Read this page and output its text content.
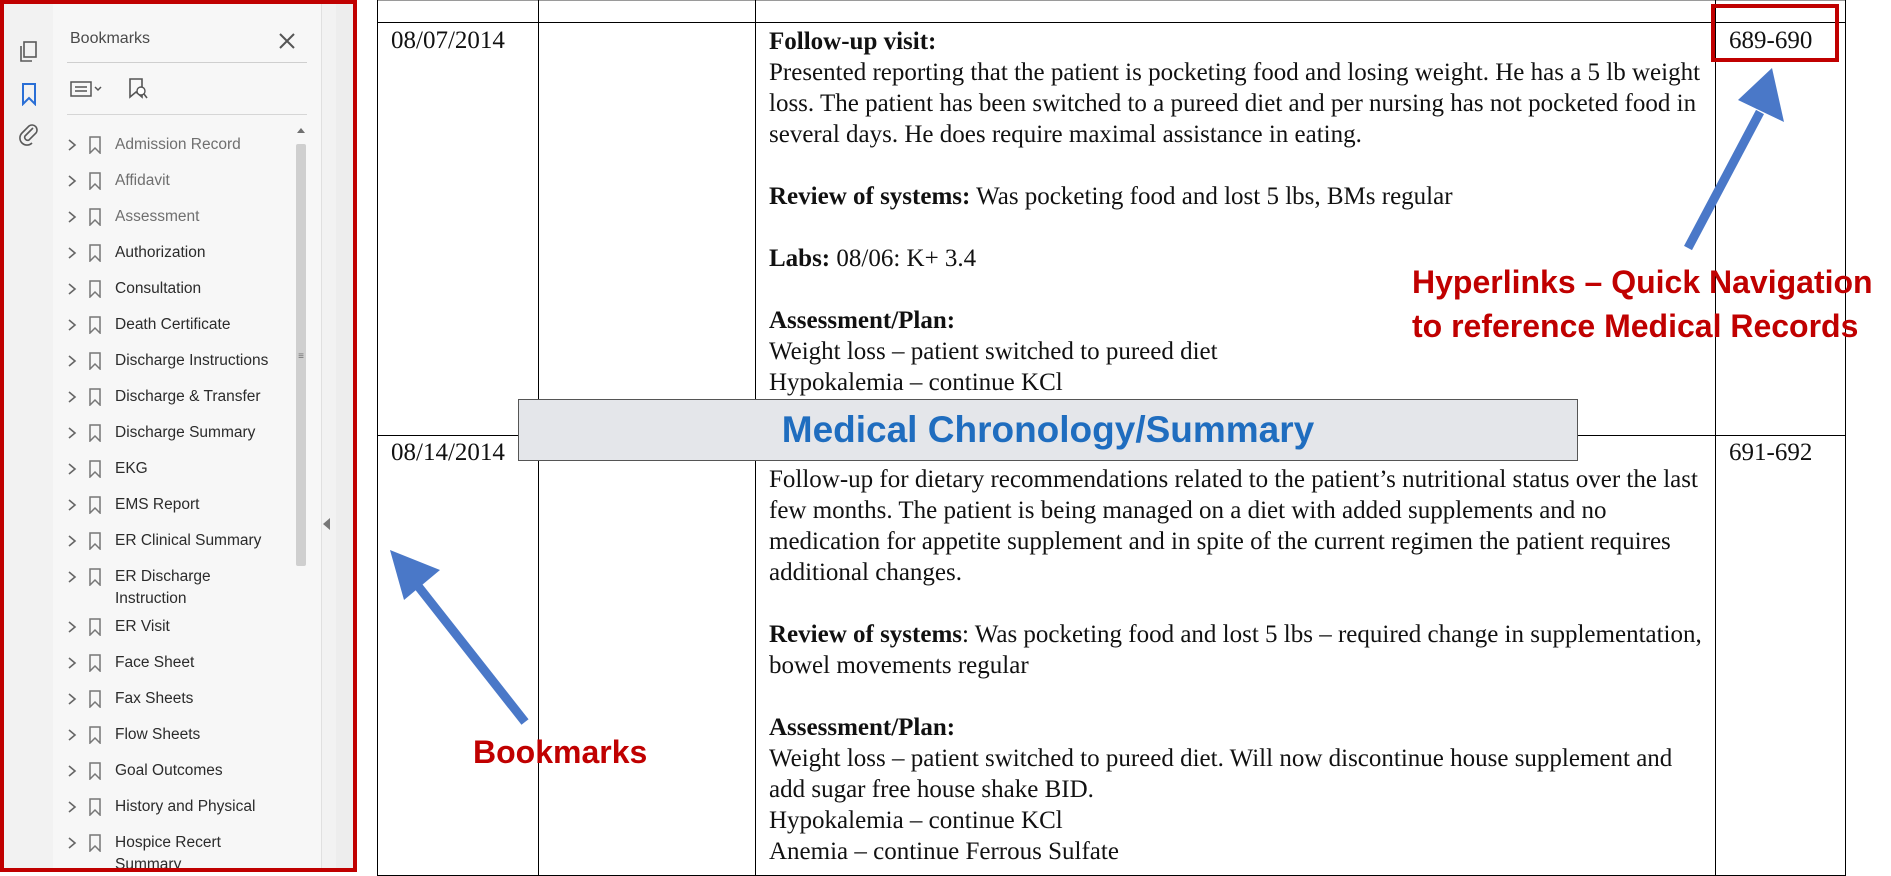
Bookmarks
Admission Record
Affidavit
Assessment
Authorization
Consultation
Death Certificate
Discharge Instructions
Discharge & Transfer
Discharge Summary
EKG
EMS Report
ER Clinical Summary
ER Discharge Instruction
ER Visit
Face Sheet
Fax Sheets
Flow Sheets
Goal Outcomes
History and Physical
Hospice Recert Summary
≡
08/07/2014	689-690
Follow-up visit:
Presented reporting that the patient is pocketing food and losing weight. He has a 5 lb weight loss. The patient has been switched to a pureed diet and per nursing has not pocketed food in several days. He does require maximal assistance in eating.
Review of systems: Was pocketing food and lost 5 lbs, BMs regular
Labs: 08/06: K+ 3.4
Assessment/Plan:
Weight loss – patient switched to pureed diet
Hypokalemia – continue KCl
08/14/2014	691-692
Follow-up for dietary recommendations related to the patient’s nutritional status over the last few months. The patient is being managed on a diet with added supplements and no medication for appetite supplement and in spite of the current regimen the patient requires additional changes.
Review of systems: Was pocketing food and lost 5 lbs – required change in supplementation, bowel movements regular
Assessment/Plan:
Weight loss – patient switched to pureed diet. Will now discontinue house supplement and add sugar free house shake BID.
Hypokalemia – continue KCl
Anemia – continue Ferrous Sulfate
Medical Chronology/Summary
Hyperlinks – Quick Navigation
to reference Medical Records
Bookmarks
